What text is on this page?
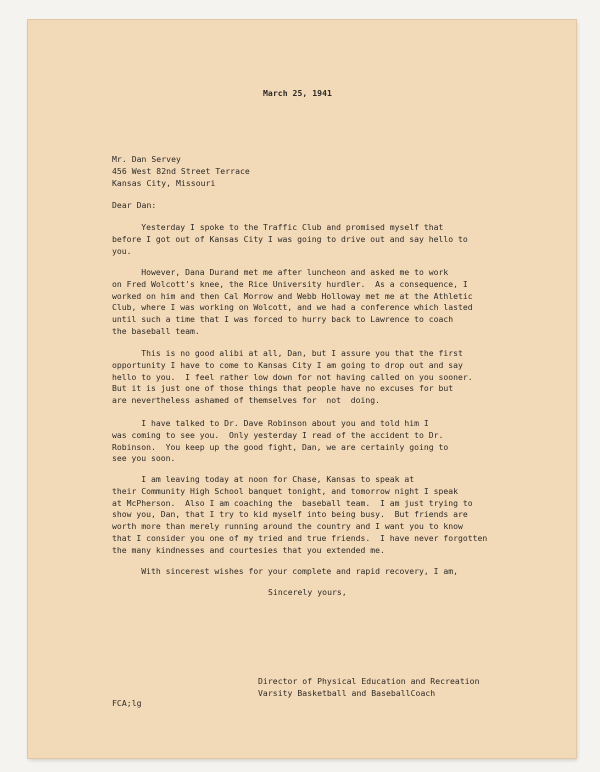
March 25, 1941
Mr. Dan Servey
456 West 82nd Street Terrace
Kansas City, Missouri
Dear Dan:
Yesterday I spoke to the Traffic Club and promised myself that
before I got out of Kansas City I was going to drive out and say hello to
you.
However, Dana Durand met me after luncheon and asked me to work
on Fred Wolcott's knee, the Rice University hurdler.  As a consequence, I
worked on him and then Cal Morrow and Webb Holloway met me at the Athletic
Club, where I was working on Wolcott, and we had a conference which lasted
until such a time that I was forced to hurry back to Lawrence to coach
the baseball team.
This is no good alibi at all, Dan, but I assure you that the first
opportunity I have to come to Kansas City I am going to drop out and say
hello to you.  I feel rather low down for not having called on you sooner.
But it is just one of those things that people have no excuses for but
are nevertheless ashamed of themselves for  not  doing.
I have talked to Dr. Dave Robinson about you and told him I
was coming to see you.  Only yesterday I read of the accident to Dr.
Robinson.  You keep up the good fight, Dan, we are certainly going to
see you soon.
I am leaving today at noon for Chase, Kansas to speak at
their Community High School banquet tonight, and tomorrow night I speak
at McPherson.  Also I am coaching the  baseball team.  I am just trying to
show you, Dan, that I try to kid myself into being busy.  But friends are
worth more than merely running around the country and I want you to know
that I consider you one of my tried and true friends.  I have never forgotten
the many kindnesses and courtesies that you extended me.
With sincerest wishes for your complete and rapid recovery, I am,
Sincerely yours,
Director of Physical Education and Recreation
Varsity Basketball and BaseballCoach
FCA;lg
